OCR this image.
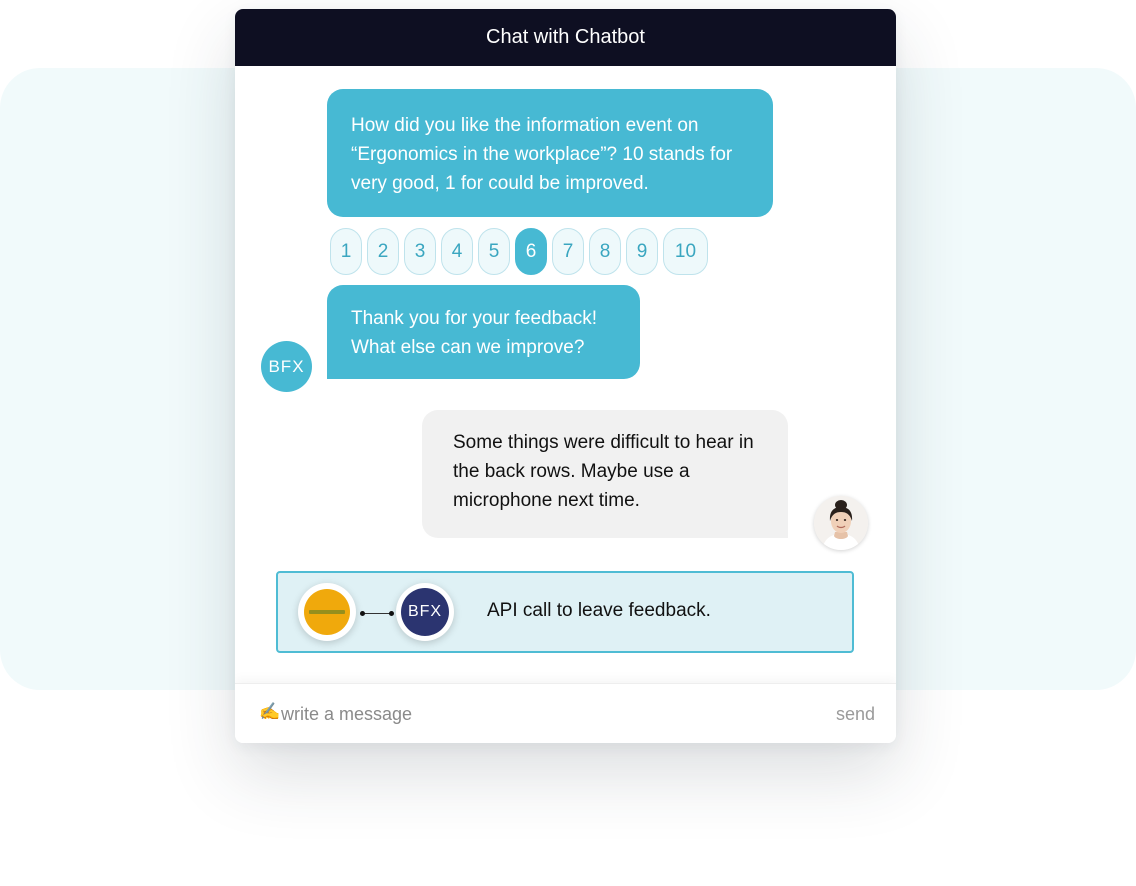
Chat with Chatbot
How did you like the information event on “Ergonomics in the workplace”? 10 stands for very good, 1 for could be improved.
1	2	3	4	5	6	7	8	9	10
Thank you for your feedback!
What else can we improve?
BFX
Some things were difficult to hear in the back rows. Maybe use a microphone next time.
BFX	API call to leave feedback.
✍
write a message	send
